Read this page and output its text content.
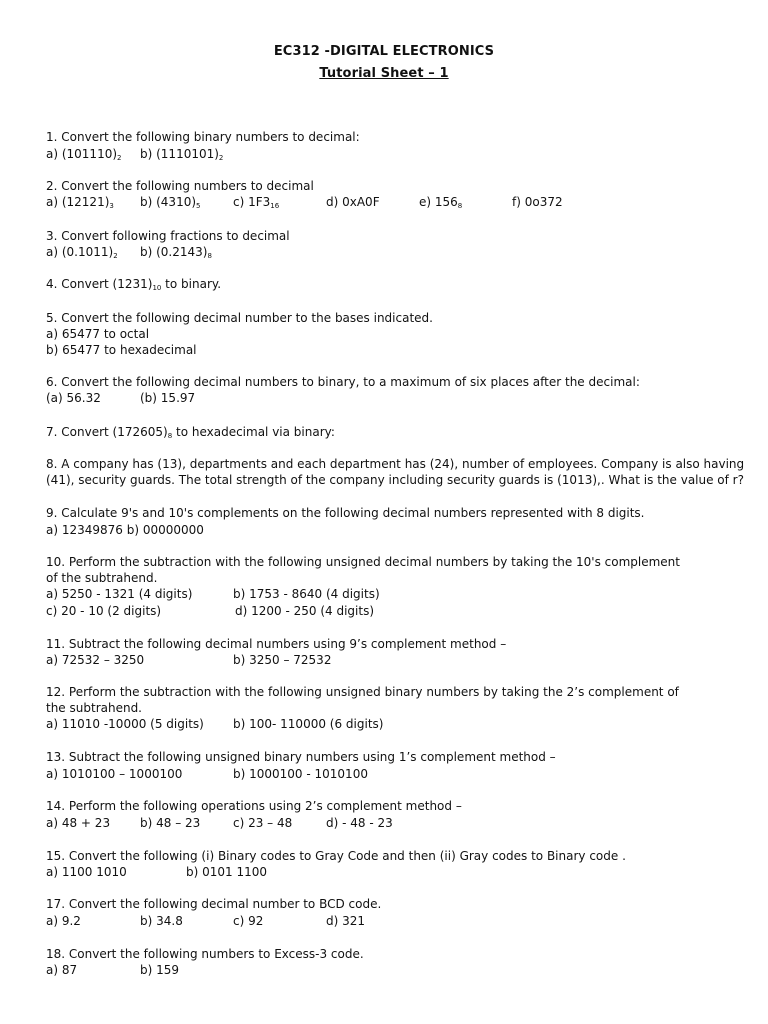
EC312 -DIGITAL ELECTRONICS
Tutorial Sheet – 1
1. Convert the following binary numbers to decimal:
a) $(101110)_2$ b) $(1110101)_2$
2. Convert the following numbers to decimal
a) $(12121)_3$ b) $(4310)_5$	c) $1F3_{16}$	d) 0xA0F	e) $156_8$	f) 0o372
3. Convert following fractions to decimal
a) $(0.1011)_2$ b) $(0.2143)_8$
4. Convert $(1231)_{10}$ to binary.
5. Convert the following decimal number to the bases indicated.
a) 65477 to octal
b) 65477 to hexadecimal
6. Convert the following decimal numbers to binary, to a maximum of six places after the decimal:
(a) 56.32	(b) 15.97
7. Convert $(172605)_8$ to hexadecimal via binary:
8. A company has (13), departments and each department has (24), number of employees. Company is also having
(41), security guards. The total strength of the company including security guards is (1013),. What is the value of r?
9. Calculate 9's and 10's complements on the following decimal numbers represented with 8 digits.
a) 12349876 b) 00000000
10. Perform the subtraction with the following unsigned decimal numbers by taking the 10's complement
of the subtrahend.
a) 5250 - 1321 (4 digits)	b) 1753 - 8640 (4 digits)
c) 20 - 10 (2 digits)	d) 1200 - 250 (4 digits)
11. Subtract the following decimal numbers using 9’s complement method –
a) 72532 – 3250	b) 3250 – 72532
12. Perform the subtraction with the following unsigned binary numbers by taking the 2’s complement of
the subtrahend.
a) 11010 -10000 (5 digits) b) 100- 110000 (6 digits)
13. Subtract the following unsigned binary numbers using 1’s complement method –
a) 1010100 – 1000100	b) 1000100 - 1010100
14. Perform the following operations using 2’s complement method –
a) 48 + 23 b) 48 – 23	c) 23 – 48	d) - 48 - 23
15. Convert the following (i) Binary codes to Gray Code and then (ii) Gray codes to Binary code .
a) 1100 1010	b) 0101 1100
17. Convert the following decimal number to BCD code.
a) 9.2	b) 34.8	c) 92	d) 321
18. Convert the following numbers to Excess-3 code.
a) 87	b) 159
